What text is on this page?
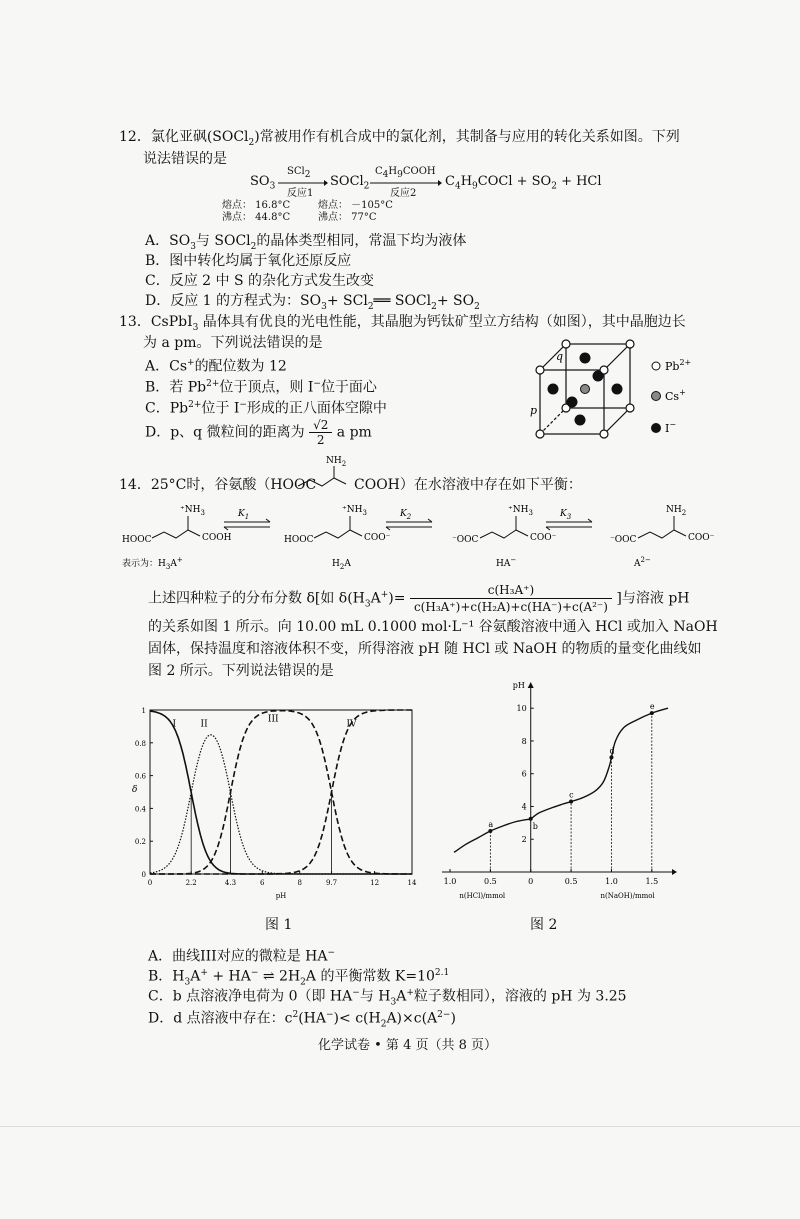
12．氯化亚砜(SOCl$_2$)常被用作有机合成中的氯化剂，其制备与应用的转化关系如图。下列
说法错误的是
$SO_3$
SCl2
反应1
SOCl$_2$
C4H9COOH
反应2
$C_4H_9COCl + SO_2$ + HCl
熔点： 16.8°C
沸点： 44.8°C
熔点： －105°C
沸点： 77°C
A．$SO_3$与 SOCl$_2$的晶体类型相同，常温下均为液体
B．图中转化均属于氧化还原反应
C．反应 2 中 S 的杂化方式发生改变
D．反应 1 的方程式为：$SO_3+$ SCl$_2$══ SOCl$_2$+ $SO_2$
13．CsPbI$_3$ 晶体具有优良的光电性能，其晶胞为钙钛矿型立方结构（如图），其中晶胞边长
为 a pm。下列说法错误的是
A．Cs+的配位数为 12
B．若 $Pb^{2+}$位于顶点，则 I−位于面心
C．$Pb^{2+}$位于 I−形成的正八面体空隙中
D．p、q 微粒间的距离为 $\frac{√2}{2}$ a pm
q
p
$Pb^{2+}$
Cs+
I−
14．25°C时，谷氨酸（HOOC
$NH_2$
COOH）在水溶液中存在如下平衡：
HOOC	COOH
$^+NH_3$
HOOC	COO⁻
$^+NH_3$
⁻OOC	COO⁻
$^+NH_3$
⁻OOC	COO⁻
$NH_2$
$K_1$	$K_2$	$K_3$
表示为：$H_3A^+$	$H_2A$	HA−	$A^{2-}$
上述四种粒子的分布分数 δ[如 $\delta(H_3A^+)= \frac{\text{c(H₃A⁺)}}{\text{c(H₃A⁺)+c(H₂A)+c(HA⁻)+c(A²⁻)}}$ ]与溶液 pH
的关系如图 1 所示。向 10.00 mL 0.1000 mol·L⁻¹ 谷氨酸溶液中通入 HCl 或加入 NaOH
固体，保持温度和溶液体积不变，所得溶液 pH 随 HCl 或 NaOH 的物质的量变化曲线如
图 2 所示。下列说法错误的是
0	2.2	4.3	6	8	9.7	12	14
0
0.2
0.4
0.6
0.8
1
pH
δ
I	II	III	IV
图 1
pH
2
4
6
8
10
1.0	0.5	0	0.5	1.0	1.5
n(HCl)/mmol	n(NaOH)/mmol
a	b
c
d
e
图 2
A．曲线III对应的微粒是 HA−
B．$H_3A^+ + HA^-$ ⇌ $2H_2A$ 的平衡常数 $K=10^{2.1}$
C．b 点溶液净电荷为 0（即 HA−与 $H_3A^+$粒子数相同），溶液的 pH 为 3.25
D．d 点溶液中存在：$c^2(HA^-)< c(H_2A)\times c(A^{2-})$
化学试卷 • 第 4 页（共 8 页）
